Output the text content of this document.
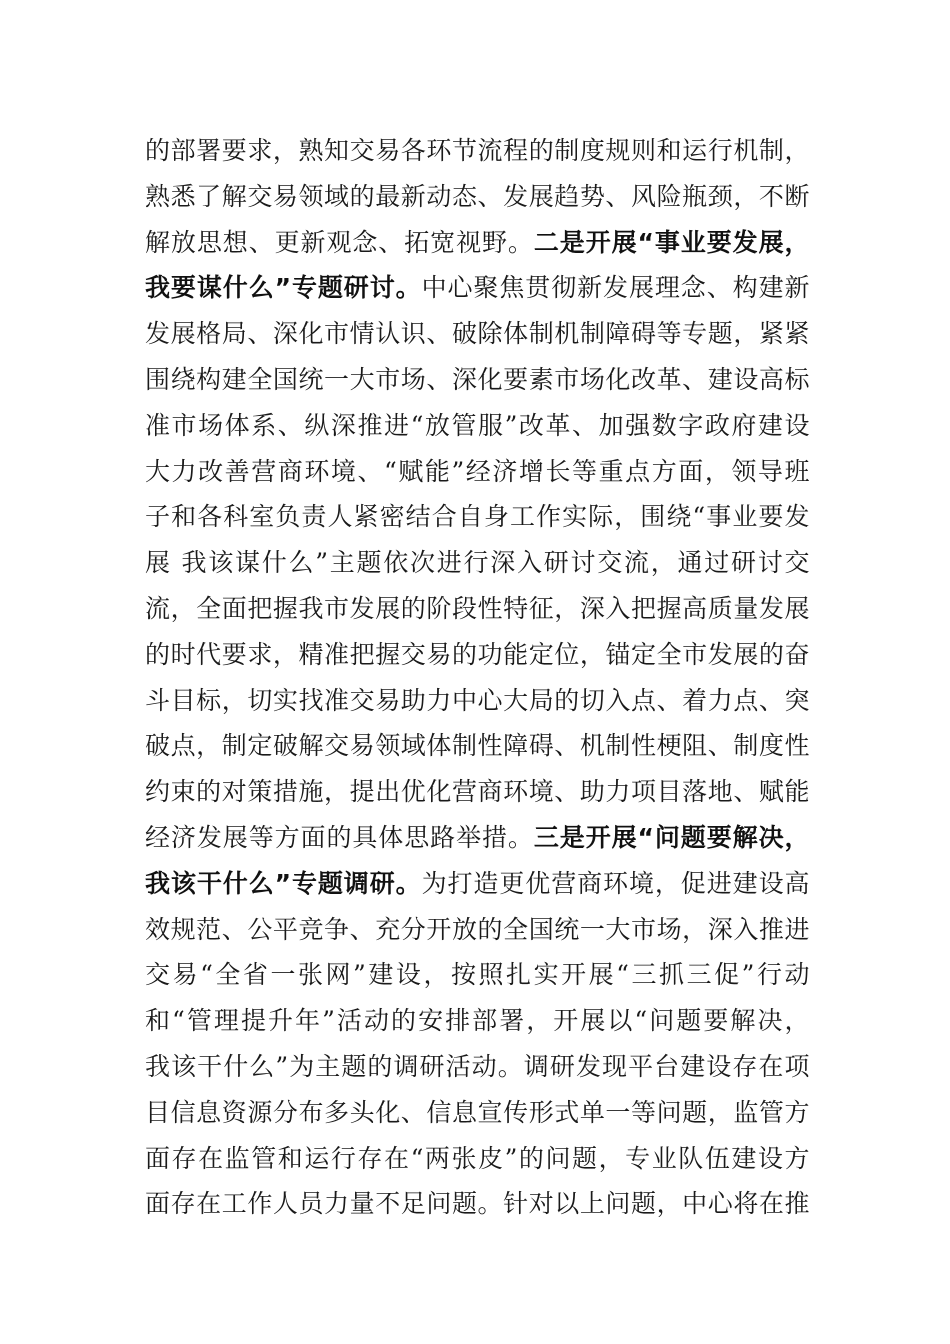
的部署要求，熟知交易各环节流程的制度规则和运行机制，
熟悉了解交易领域的最新动态、发展趋势、风险瓶颈，不断
解放思想、更新观念、拓宽视野。二是开展“事业要发展，
我要谋什么”专题研讨。中心聚焦贯彻新发展理念、构建新
发展格局、深化市情认识、破除体制机制障碍等专题，紧紧
围绕构建全国统一大市场、深化要素市场化改革、建设高标
准市场体系、纵深推进“放管服”改革、加强数字政府建设
大力改善营商环境、“赋能”经济增长等重点方面，领导班
子和各科室负责人紧密结合自身工作实际，围绕“事业要发
展 我该谋什么”主题依次进行深入研讨交流，通过研讨交
流，全面把握我市发展的阶段性特征，深入把握高质量发展
的时代要求，精准把握交易的功能定位，锚定全市发展的奋
斗目标，切实找准交易助力中心大局的切入点、着力点、突
破点，制定破解交易领域体制性障碍、机制性梗阻、制度性
约束的对策措施，提出优化营商环境、助力项目落地、赋能
经济发展等方面的具体思路举措。三是开展“问题要解决，
我该干什么”专题调研。为打造更优营商环境，促进建设高
效规范、公平竞争、充分开放的全国统一大市场，深入推进
交易“全省一张网”建设，按照扎实开展“三抓三促”行动
和“管理提升年”活动的安排部署，开展以“问题要解决，
我该干什么”为主题的调研活动。调研发现平台建设存在项
目信息资源分布多头化、信息宣传形式单一等问题，监管方
面存在监管和运行存在“两张皮”的问题，专业队伍建设方
面存在工作人员力量不足问题。针对以上问题，中心将在推
